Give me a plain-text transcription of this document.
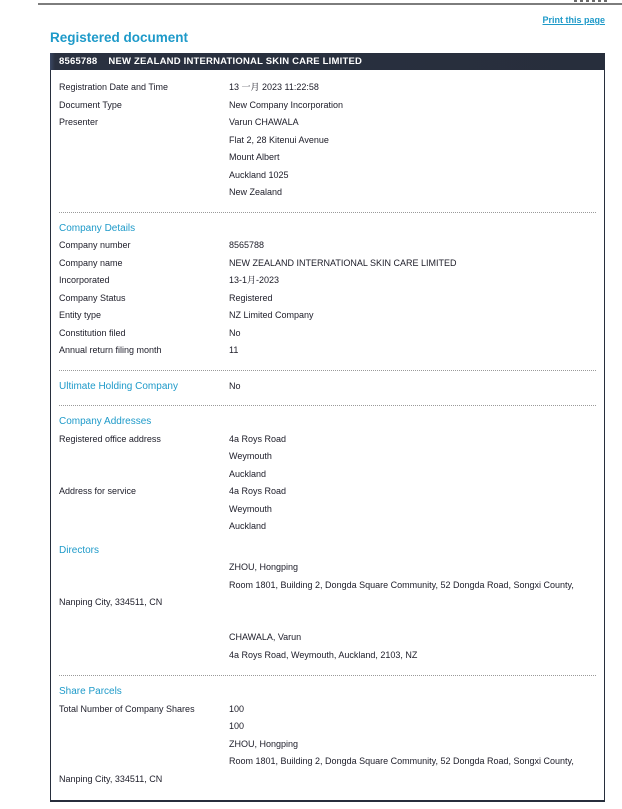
Print this page
Registered document
8565788 NEW ZEALAND INTERNATIONAL SKIN CARE LIMITED
Registration Date and Time	13 一月 2023 11:22:58
Document Type	New Company Incorporation
Presenter	Varun CHAWALA
Flat 2, 28 Kitenui Avenue
Mount Albert
Auckland 1025
New Zealand
Company Details
Company number	8565788
Company name	NEW ZEALAND INTERNATIONAL SKIN CARE LIMITED
Incorporated	13-1月-2023
Company Status	Registered
Entity type	NZ Limited Company
Constitution filed	No
Annual return filing month	11
Ultimate Holding Company	No
Company Addresses
Registered office address	4a Roys Road
Weymouth
Auckland
Address for service	4a Roys Road
Weymouth
Auckland
Directors
ZHOU, Hongping
Room 1801, Building 2, Dongda Square Community, 52 Dongda Road, Songxi County, Nanping City, 334511, CN
CHAWALA, Varun
4a Roys Road, Weymouth, Auckland, 2103, NZ
Share Parcels
Total Number of Company Shares	100
100
ZHOU, Hongping
Room 1801, Building 2, Dongda Square Community, 52 Dongda Road, Songxi County, Nanping City, 334511, CN
